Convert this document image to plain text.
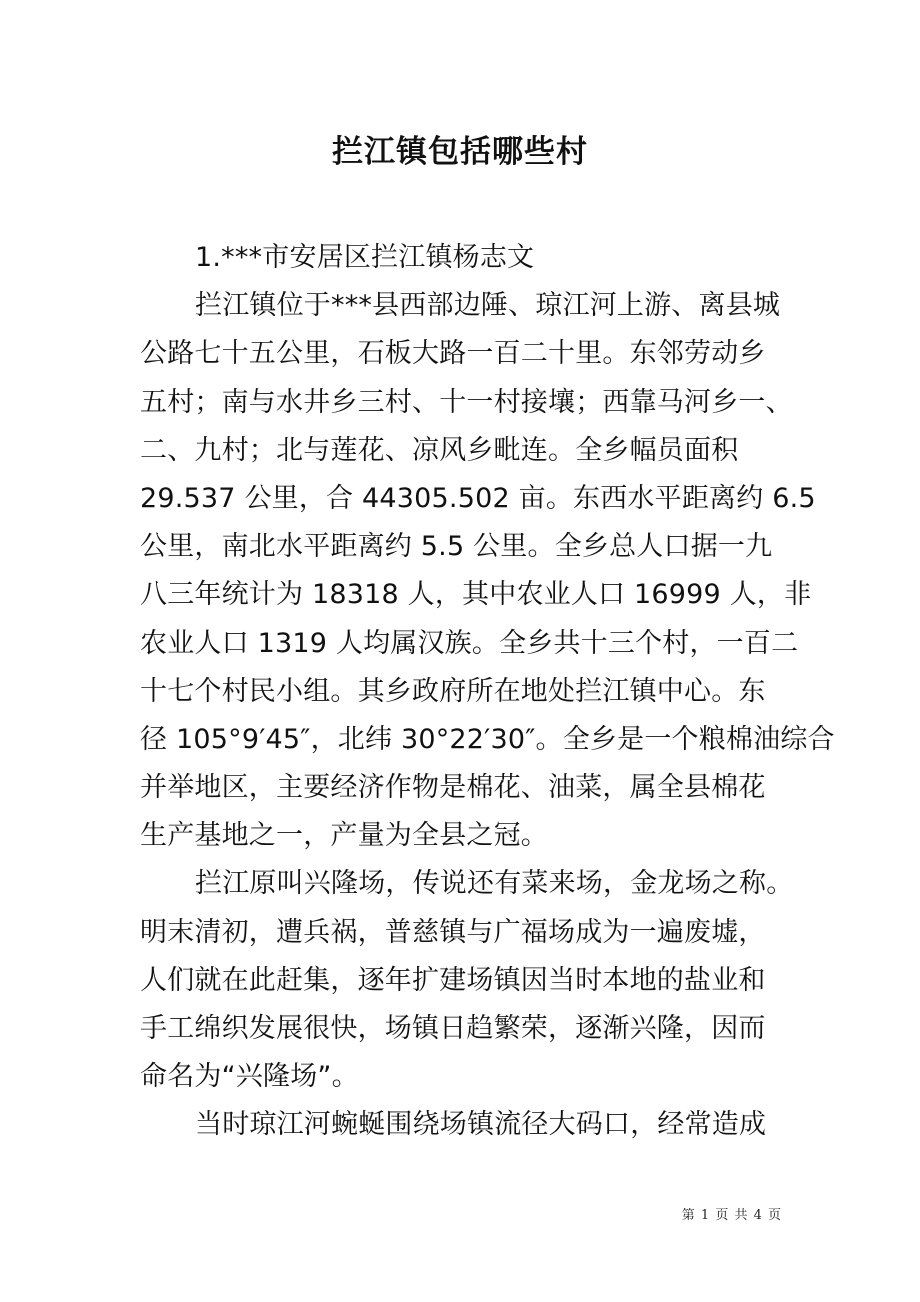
拦江镇包括哪些村
1.***市安居区拦江镇杨志文
拦江镇位于***县西部边陲、琼江河上游、离县城
公路七十五公里，石板大路一百二十里。东邻劳动乡
五村；南与水井乡三村、十一村接壤；西靠马河乡一、
二、九村；北与莲花、凉风乡毗连。全乡幅员面积
29.537 公里，合 44305.502 亩。东西水平距离约 6.5
公里，南北水平距离约 5.5 公里。全乡总人口据一九
八三年统计为 18318 人，其中农业人口 16999 人，非
农业人口 1319 人均属汉族。全乡共十三个村，一百二
十七个村民小组。其乡政府所在地处拦江镇中心。东
径 105°9′45″，北纬 30°22′30″。全乡是一个粮棉油综合
并举地区，主要经济作物是棉花、油菜，属全县棉花
生产基地之一，产量为全县之冠。
拦江原叫兴隆场，传说还有菜来场，金龙场之称。
明末清初，遭兵祸，普慈镇与广福场成为一遍废墟，
人们就在此赶集，逐年扩建场镇因当时本地的盐业和
手工绵织发展很快，场镇日趋繁荣，逐渐兴隆，因而
命名为“兴隆场”。
当时琼江河蜿蜒围绕场镇流径大码口，经常造成
第 1 页 共 4 页
